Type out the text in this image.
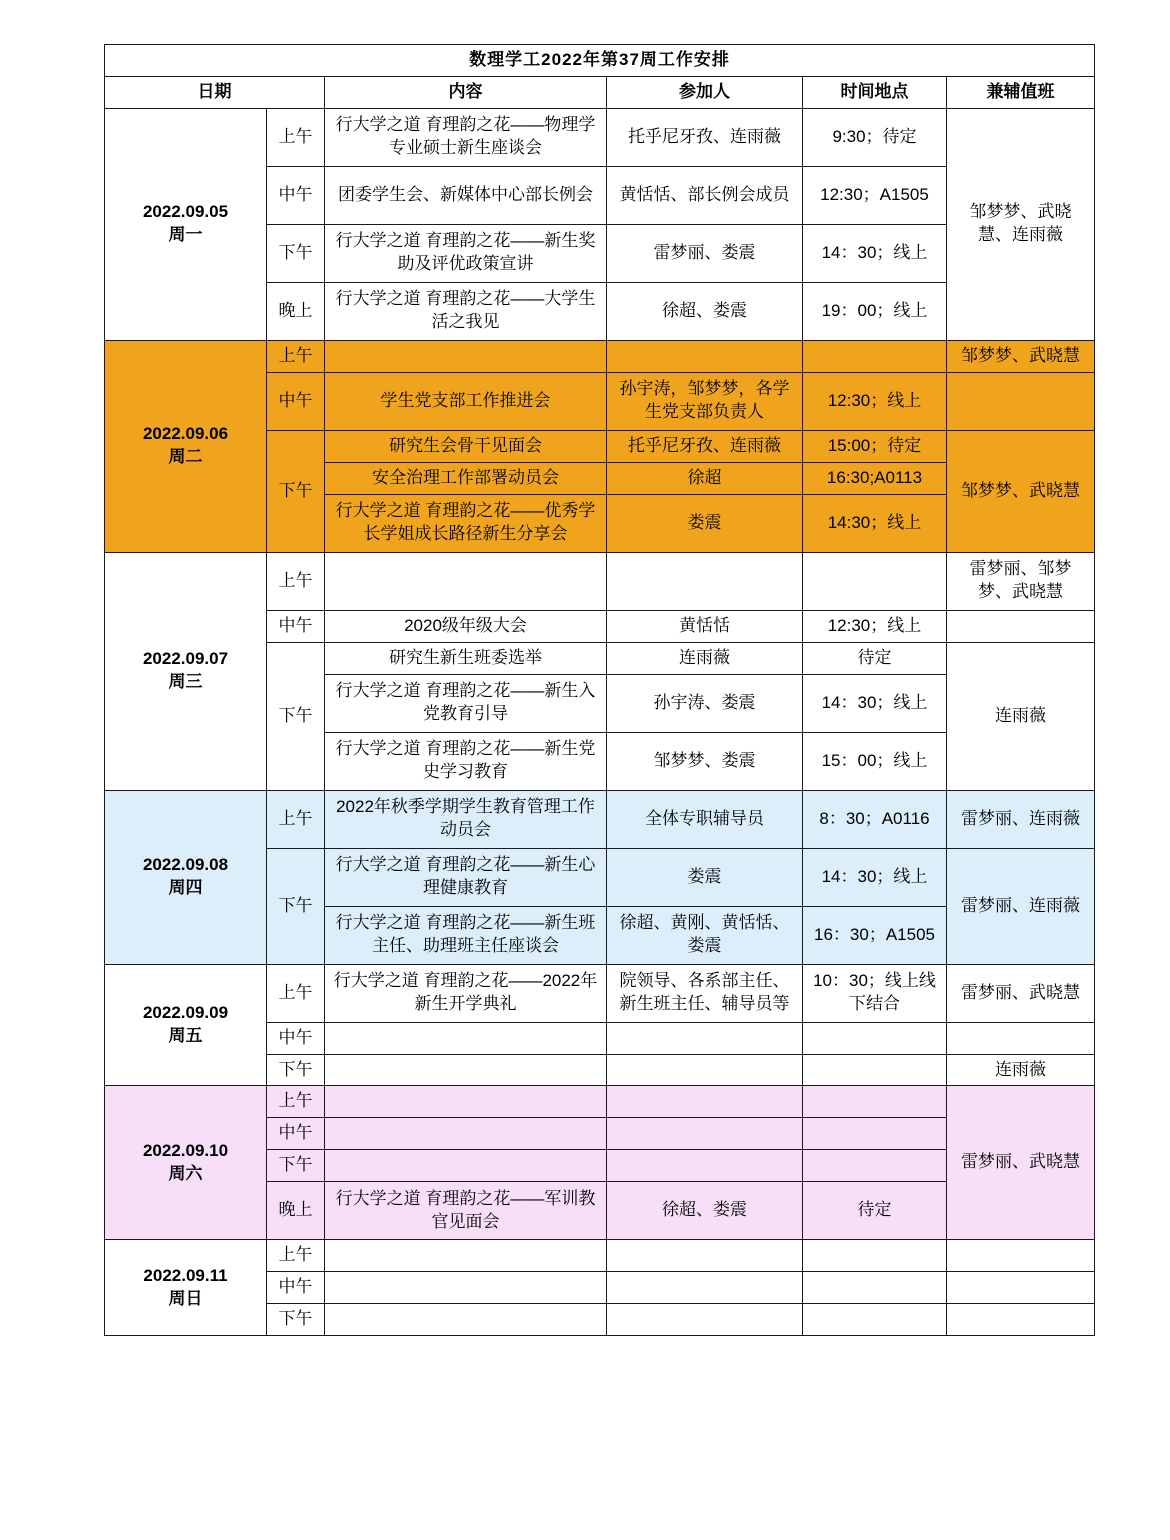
数理学工2022年第37周工作安排					
日期		内容	参加人	时间地点	兼辅值班
2022.09.05
周一	上午	行大学之道 育理韵之花——物理学专业硕士新生座谈会	托乎尼牙孜、连雨薇	9:30；待定	邹梦梦、武晓慧、连雨薇
	中午	团委学生会、新媒体中心部长例会	黄恬恬、部长例会成员	12:30；A1505	
	下午	行大学之道 育理韵之花——新生奖助及评优政策宣讲	雷梦丽、娄震	14：30；线上	
	晚上	行大学之道 育理韵之花——大学生活之我见	徐超、娄震	19：00；线上	
2022.09.06
周二	上午				邹梦梦、武晓慧
	中午	学生党支部工作推进会	孙宇涛，邹梦梦，各学生党支部负责人	12:30；线上	
	下午	研究生会骨干见面会	托乎尼牙孜、连雨薇	15:00；待定	邹梦梦、武晓慧
		安全治理工作部署动员会	徐超	16:30;A0113	
		行大学之道 育理韵之花——优秀学长学姐成长路径新生分享会	娄震	14:30；线上	
2022.09.07
周三	上午				雷梦丽、邹梦梦、武晓慧
	中午	2020级年级大会	黄恬恬	12:30；线上	
	下午	研究生新生班委选举	连雨薇	待定	连雨薇
		行大学之道 育理韵之花——新生入党教育引导	孙宇涛、娄震	14：30；线上	
		行大学之道 育理韵之花——新生党史学习教育	邹梦梦、娄震	15：00；线上	
2022.09.08
周四	上午	2022年秋季学期学生教育管理工作动员会	全体专职辅导员	8：30；A0116	雷梦丽、连雨薇
	下午	行大学之道 育理韵之花——新生心理健康教育	娄震	14：30；线上	雷梦丽、连雨薇
		行大学之道 育理韵之花——新生班主任、助理班主任座谈会	徐超、黄刚、黄恬恬、娄震	16：30；A1505	
2022.09.09
周五	上午	行大学之道 育理韵之花——2022年新生开学典礼	院领导、各系部主任、新生班主任、辅导员等	10：30；线上线下结合	雷梦丽、武晓慧
	中午				
	下午				连雨薇
2022.09.10
周六	上午				雷梦丽、武晓慧
	中午				
	下午				
	晚上	行大学之道 育理韵之花——军训教官见面会	徐超、娄震	待定	
2022.09.11
周日	上午				
	中午				
	下午				
